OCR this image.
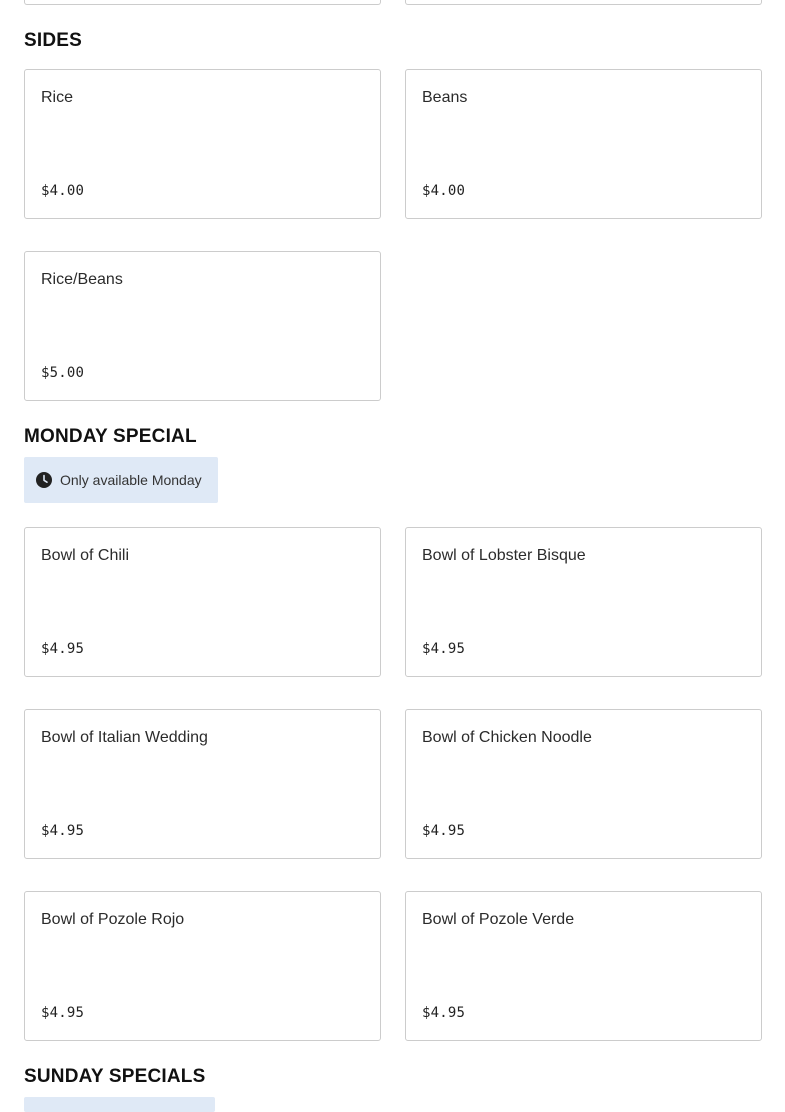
SIDES
Rice
$4.00
Beans
$4.00
Rice/Beans
$5.00
MONDAY SPECIAL
Only available Monday
Bowl of Chili
$4.95
Bowl of Lobster Bisque
$4.95
Bowl of Italian Wedding
$4.95
Bowl of Chicken Noodle
$4.95
Bowl of Pozole Rojo
$4.95
Bowl of Pozole Verde
$4.95
SUNDAY SPECIALS
